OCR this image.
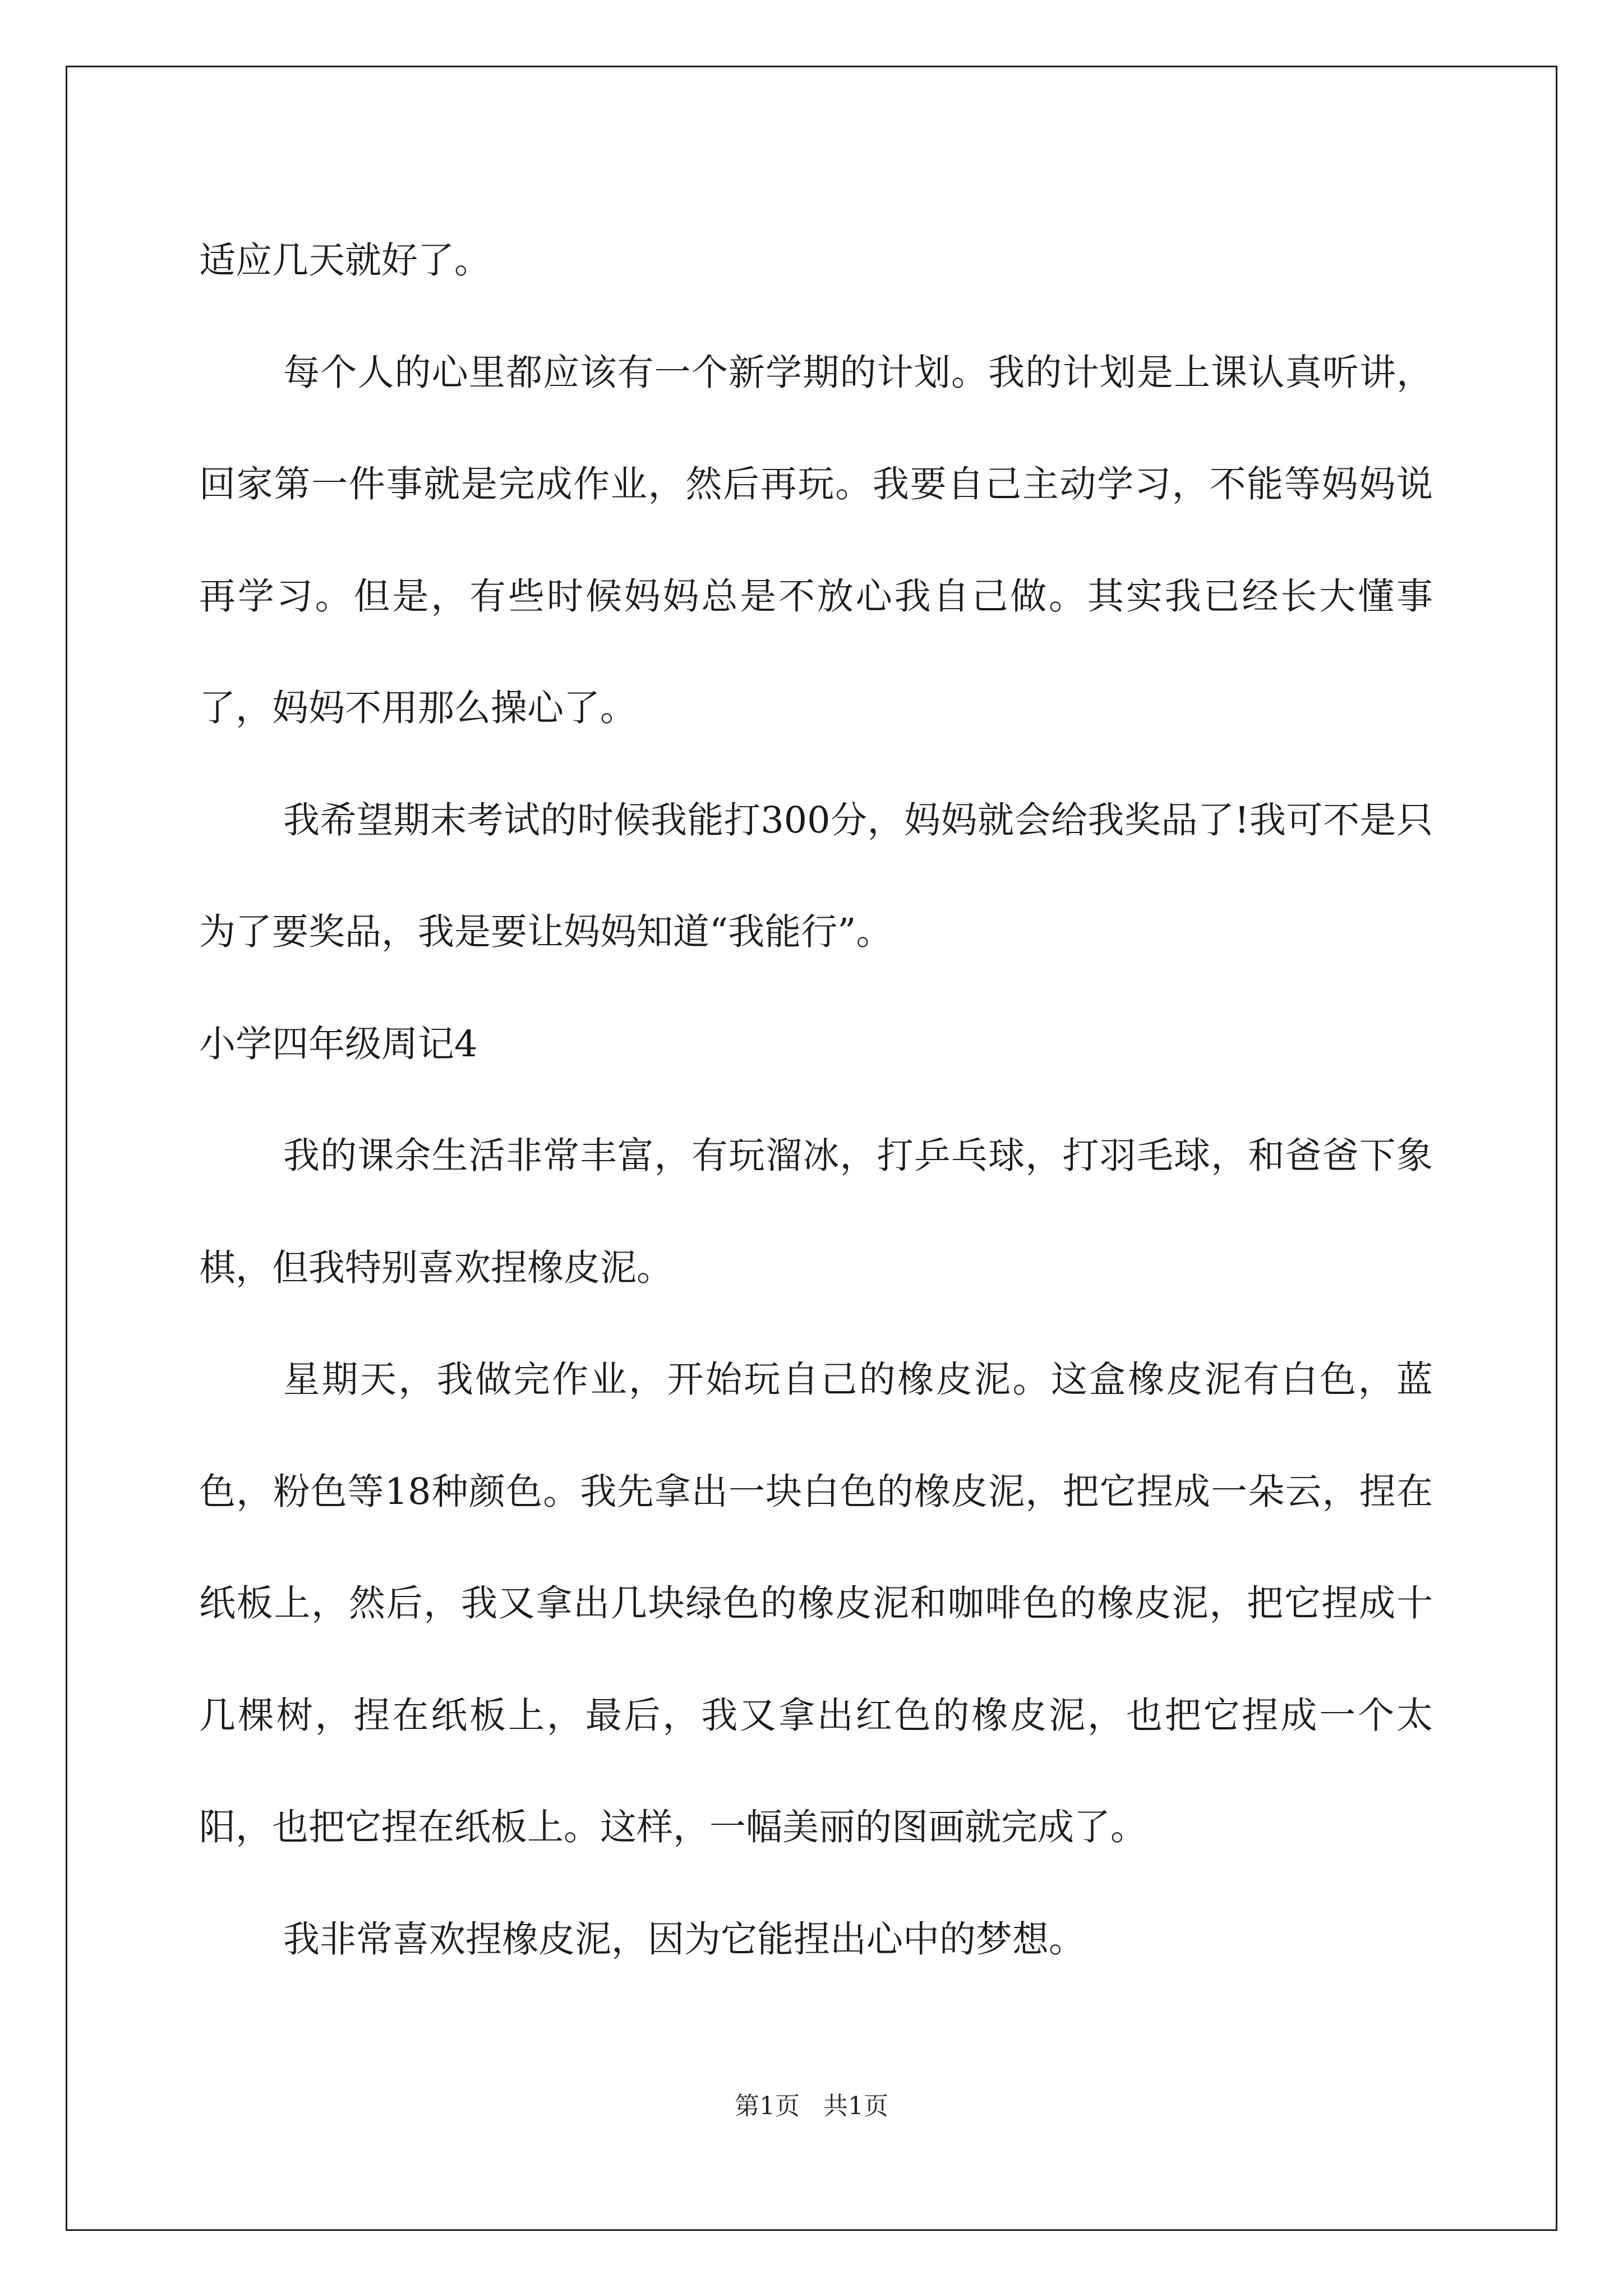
适应几天就好了。

每个人的心里都应该有一个新学期的计划。我的计划是上课认真听讲，回家第一件事就是完成作业，然后再玩。我要自己主动学习，不能等妈妈说再学习。但是，有些时候妈妈总是不放心我自己做。其实我已经长大懂事了，妈妈不用那么操心了。

我希望期末考试的时候我能打300分，妈妈就会给我奖品了!我可不是只为了要奖品，我是要让妈妈知道“我能行”。

小学四年级周记4

我的课余生活非常丰富，有玩溜冰，打乒乓球，打羽毛球，和爸爸下象棋，但我特别喜欢捏橡皮泥。

星期天，我做完作业，开始玩自己的橡皮泥。这盒橡皮泥有白色，蓝色，粉色等18种颜色。我先拿出一块白色的橡皮泥，把它捏成一朵云，捏在纸板上，然后，我又拿出几块绿色的橡皮泥和咖啡色的橡皮泥，把它捏成十几棵树，捏在纸板上，最后，我又拿出红色的橡皮泥，也把它捏成一个太阳，也把它捏在纸板上。这样，一幅美丽的图画就完成了。

我非常喜欢捏橡皮泥，因为它能捏出心中的梦想。

第1页 共1页
